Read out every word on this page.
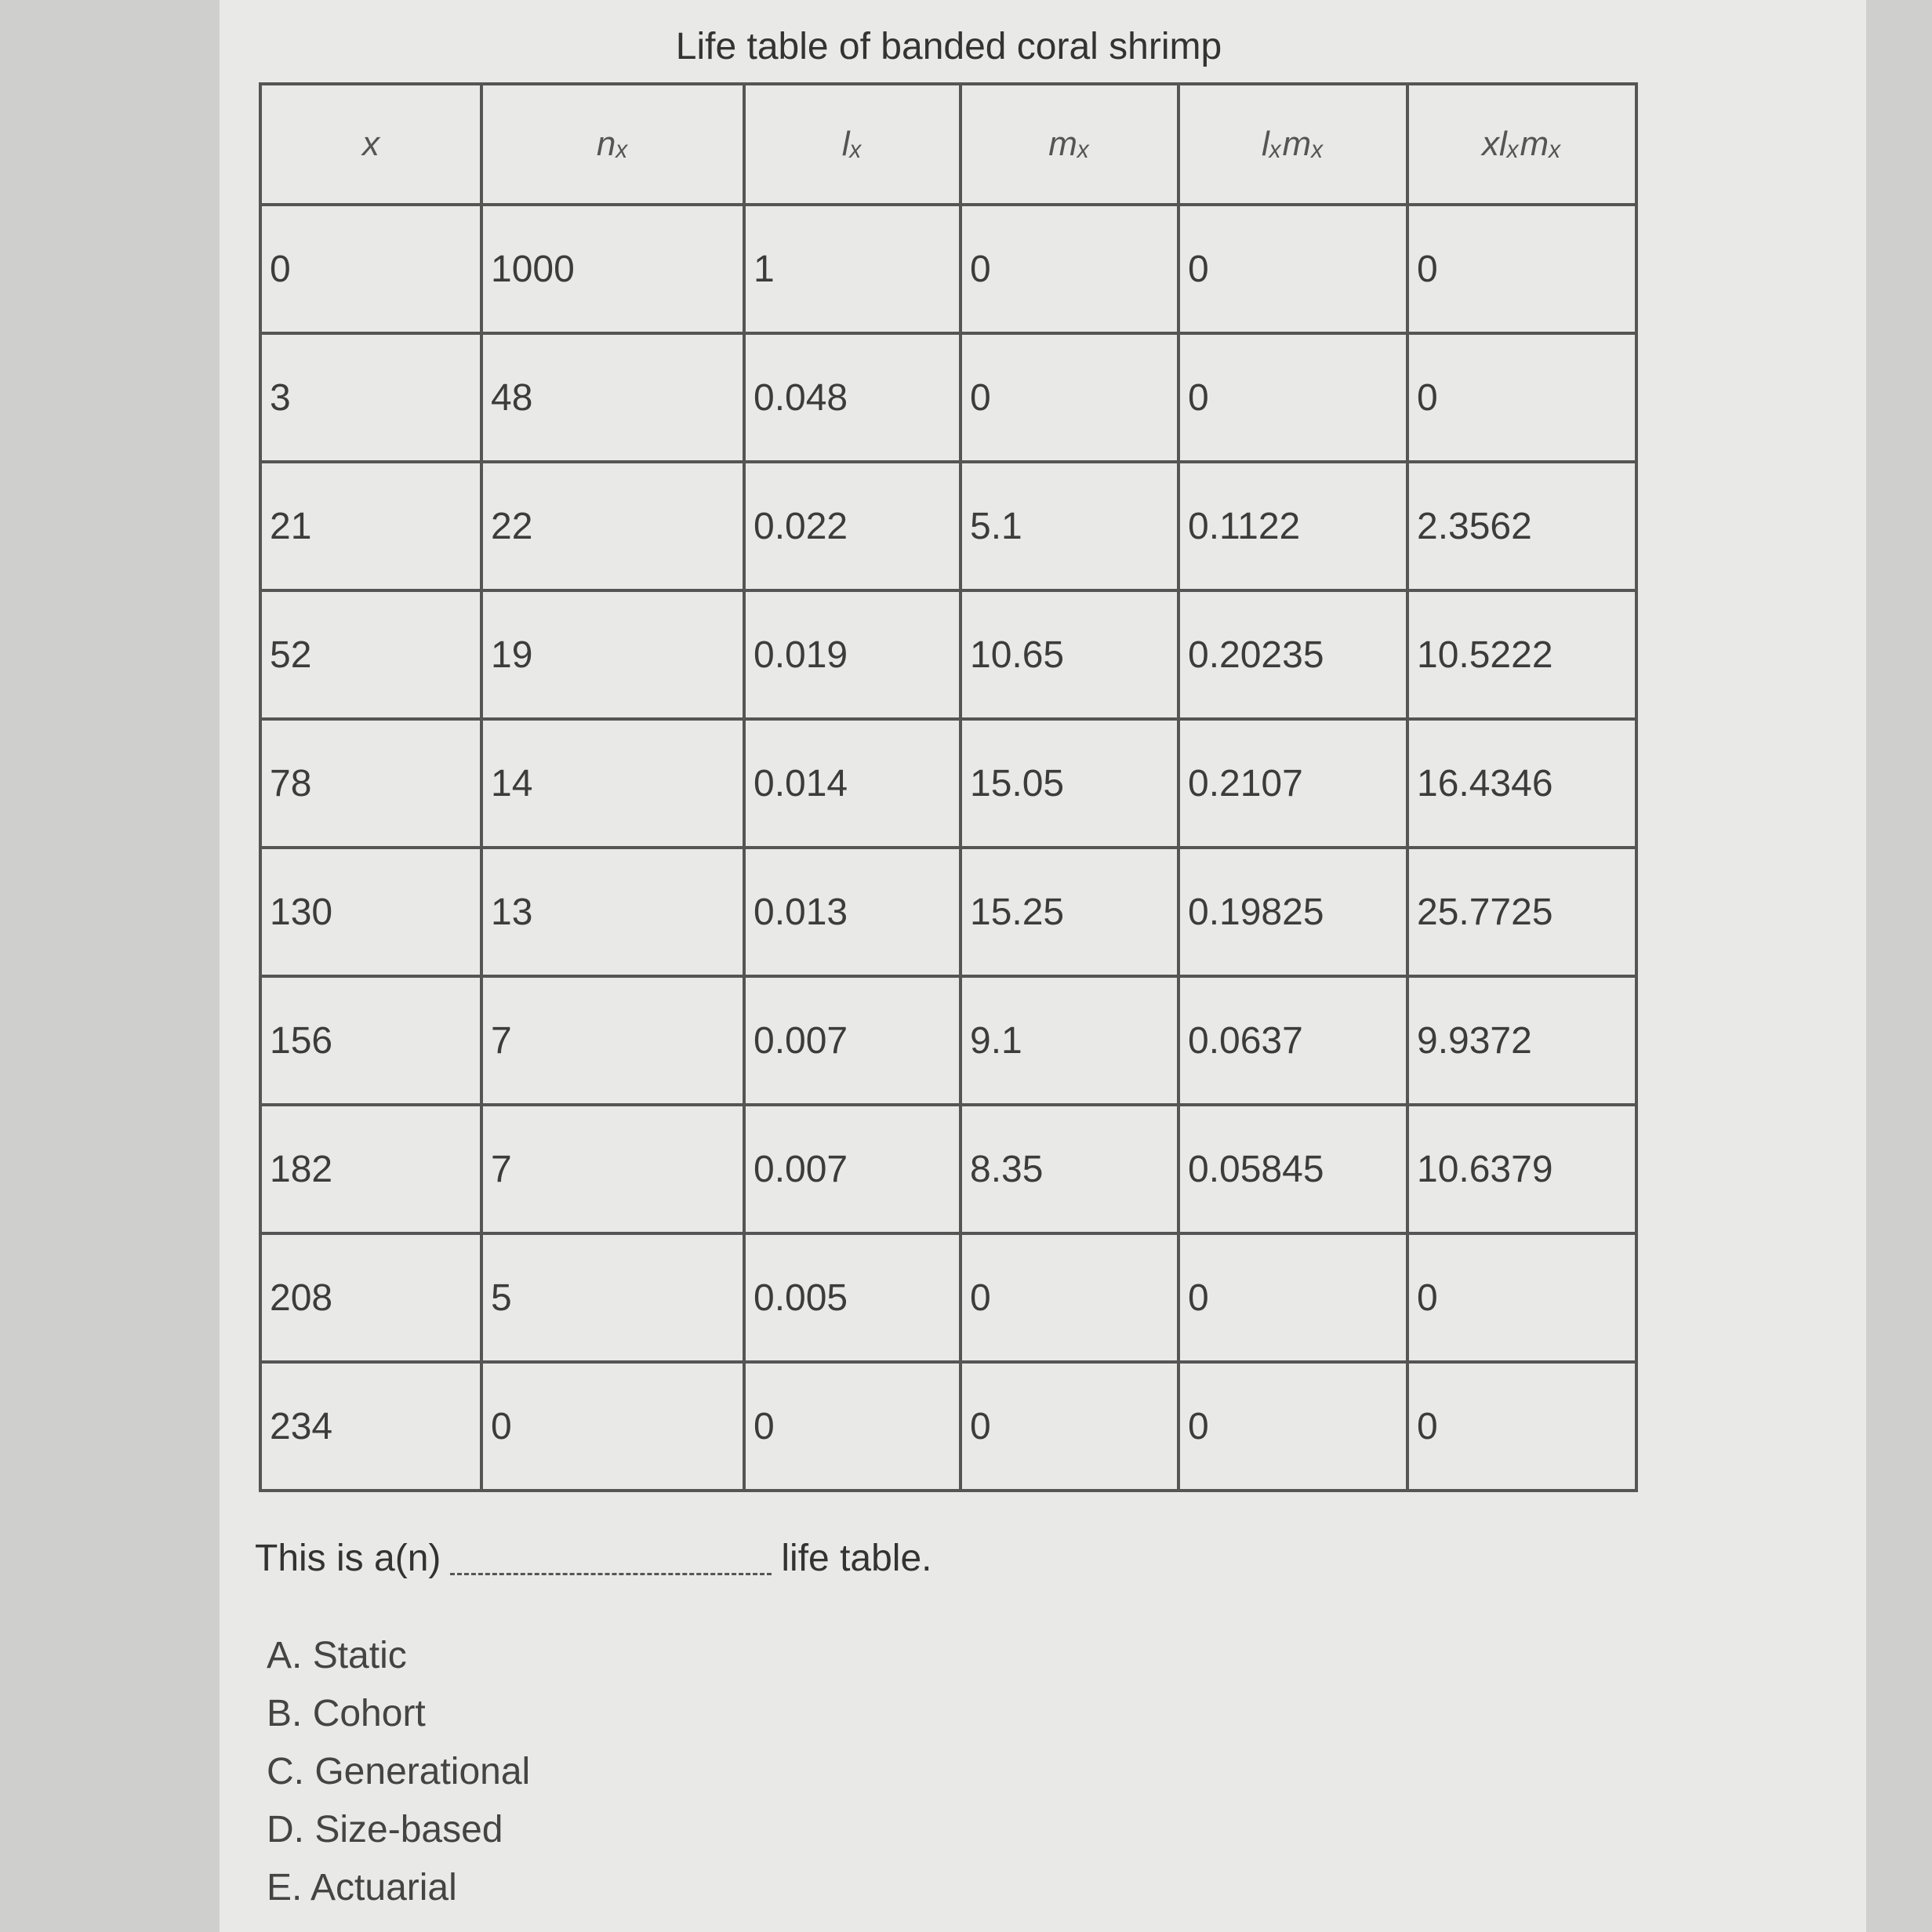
Life table of banded coral shrimp
x	nₓ	lₓ	mₓ	lₓmₓ	xlₓmₓ
0	1000	1	0	0	0
3	48	0.048	0	0	0
21	22	0.022	5.1	0.1122	2.3562
52	19	0.019	10.65	0.20235	10.5222
78	14	0.014	15.05	0.2107	16.4346
130	13	0.013	15.25	0.19825	25.7725
156	7	0.007	9.1	0.0637	9.9372
182	7	0.007	8.35	0.05845	10.6379
208	5	0.005	0	0	0
234	0	0	0	0	0
This is a(n)	life table.
A. Static
B. Cohort
C. Generational
D. Size-based
E. Actuarial
